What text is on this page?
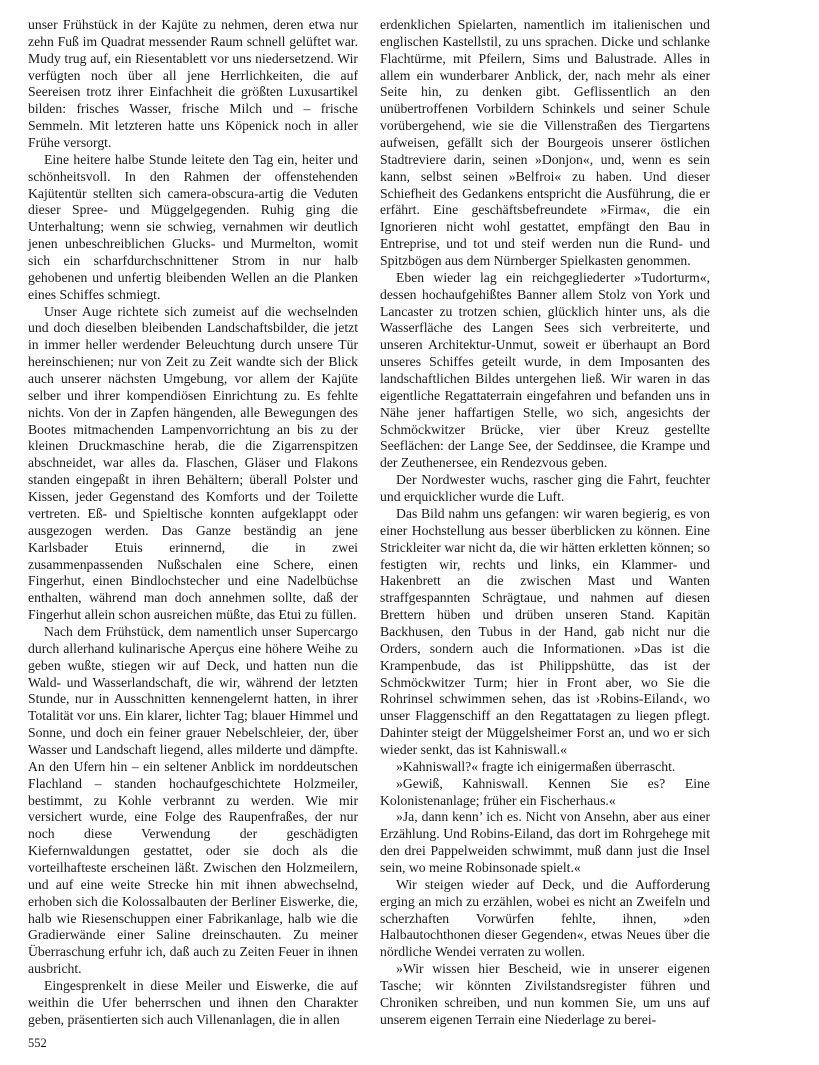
unser Frühstück in der Kajüte zu nehmen, deren etwa nur zehn Fuß im Quadrat messender Raum schnell gelüftet war. Mudy trug auf, ein Riesentablett vor uns niedersetzend. Wir verfügten noch über all jene Herrlichkeiten, die auf Seereisen trotz ihrer Einfachheit die größten Luxusartikel bilden: frisches Wasser, frische Milch und – frische Semmeln. Mit letzteren hatte uns Köpenick noch in aller Frühe versorgt.

Eine heitere halbe Stunde leitete den Tag ein, heiter und schönheitsvoll. In den Rahmen der offenstehenden Kajütentür stellten sich camera-obscura-artig die Veduten dieser Spree- und Müggelgegenden. Ruhig ging die Unterhaltung; wenn sie schwieg, vernahmen wir deutlich jenen unbeschreiblichen Glucks- und Murmelton, womit sich ein scharfdurchschnittener Strom in nur halb gehobenen und unfertig bleibenden Wellen an die Planken eines Schiffes schmiegt.

Unser Auge richtete sich zumeist auf die wechselnden und doch dieselben bleibenden Landschaftsbilder, die jetzt in immer heller werdender Beleuchtung durch unsere Tür hereinschienen; nur von Zeit zu Zeit wandte sich der Blick auch unserer nächsten Umgebung, vor allem der Kajüte selber und ihrer kompendiösen Einrichtung zu. Es fehlte nichts. Von der in Zapfen hängenden, alle Bewegungen des Bootes mitmachenden Lampenvorrichtung an bis zu der kleinen Druckmaschine herab, die die Zigarrenspitzen abschneidet, war alles da. Flaschen, Gläser und Flakons standen eingepaßt in ihren Behältern; überall Polster und Kissen, jeder Gegenstand des Komforts und der Toilette vertreten. Eß- und Spieltische konnten aufgeklappt oder ausgezogen werden. Das Ganze beständig an jene Karlsbader Etuis erinnernd, die in zwei zusammenpassenden Nußschalen eine Schere, einen Fingerhut, einen Bindlochstecher und eine Nadelbüchse enthalten, während man doch annehmen sollte, daß der Fingerhut allein schon ausreichen müßte, das Etui zu füllen.

Nach dem Frühstück, dem namentlich unser Supercargo durch allerhand kulinarische Aperçus eine höhere Weihe zu geben wußte, stiegen wir auf Deck, und hatten nun die Wald- und Wasserlandschaft, die wir, während der letzten Stunde, nur in Ausschnitten kennengelernt hatten, in ihrer Totalität vor uns. Ein klarer, lichter Tag; blauer Himmel und Sonne, und doch ein feiner grauer Nebelschleier, der, über Wasser und Landschaft liegend, alles milderte und dämpfte. An den Ufern hin – ein seltener Anblick im norddeutschen Flachland – standen hochaufgeschichtete Holzmeiler, bestimmt, zu Kohle verbrannt zu werden. Wie mir versichert wurde, eine Folge des Raupenfraßes, der nur noch diese Verwendung der geschädigten Kiefernwaldungen gestattet, oder sie doch als die vorteilhafteste erscheinen läßt. Zwischen den Holzmeilern, und auf eine weite Strecke hin mit ihnen abwechselnd, erhoben sich die Kolossalbauten der Berliner Eiswerke, die, halb wie Riesenschuppen einer Fabrikanlage, halb wie die Gradierwände einer Saline dreinschauten. Zu meiner Überraschung erfuhr ich, daß auch zu Zeiten Feuer in ihnen ausbricht.

Eingesprenkelt in diese Meiler und Eiswerke, die auf weithin die Ufer beherrschen und ihnen den Charakter geben, präsentierten sich auch Villenanlagen, die in allen

erdenklichen Spielarten, namentlich im italienischen und englischen Kastellstil, zu uns sprachen. Dicke und schlanke Flachtürme, mit Pfeilern, Sims und Balustrade. Alles in allem ein wunderbarer Anblick, der, nach mehr als einer Seite hin, zu denken gibt. Geflissentlich an den unübertroffenen Vorbildern Schinkels und seiner Schule vorübergehend, wie sie die Villenstraßen des Tiergartens aufweisen, gefällt sich der Bourgeois unserer östlichen Stadtreviere darin, seinen »Donjon«, und, wenn es sein kann, selbst seinen »Belfroi« zu haben. Und dieser Schiefheit des Gedankens entspricht die Ausführung, die er erfährt. Eine geschäftsbefreundete »Firma«, die ein Ignorieren nicht wohl gestattet, empfängt den Bau in Entreprise, und tot und steif werden nun die Rund- und Spitzbögen aus dem Nürnberger Spielkasten genommen.

Eben wieder lag ein reichgegliederter »Tudorturm«, dessen hochaufgehißtes Banner allem Stolz von York und Lancaster zu trotzen schien, glücklich hinter uns, als die Wasserfläche des Langen Sees sich verbreiterte, und unseren Architektur-Unmut, soweit er überhaupt an Bord unseres Schiffes geteilt wurde, in dem Imposanten des landschaftlichen Bildes untergehen ließ. Wir waren in das eigentliche Regattaterrain eingefahren und befanden uns in Nähe jener haffartigen Stelle, wo sich, angesichts der Schmöckwitzer Brücke, vier über Kreuz gestellte Seeflächen: der Lange See, der Seddinsee, die Krampe und der Zeuthenersee, ein Rendezvous geben.

Der Nordwester wuchs, rascher ging die Fahrt, feuchter und erquicklicher wurde die Luft.

Das Bild nahm uns gefangen: wir waren begierig, es von einer Hochstellung aus besser überblicken zu können. Eine Strickleiter war nicht da, die wir hätten erkletten können; so festigten wir, rechts und links, ein Klammer- und Hakenbrett an die zwischen Mast und Wanten straffgespannten Schrägtaue, und nahmen auf diesen Brettern hüben und drüben unseren Stand. Kapitän Backhusen, den Tubus in der Hand, gab nicht nur die Orders, sondern auch die Informationen. »Das ist die Krampenbude, das ist Philippshütte, das ist der Schmöckwitzer Turm; hier in Front aber, wo Sie die Rohrinsel schwimmen sehen, das ist ›Robins-Eiland‹, wo unser Flaggenschiff an den Regattatagen zu liegen pflegt. Dahinter steigt der Müggelsheimer Forst an, und wo er sich wieder senkt, das ist Kahniswall.«

»Kahniswall?« fragte ich einigermaßen überrascht.

»Gewiß, Kahniswall. Kennen Sie es? Eine Kolonistenanlage; früher ein Fischerhaus.«

»Ja, dann kenn’ ich es. Nicht von Ansehn, aber aus einer Erzählung. Und Robins-Eiland, das dort im Rohrgehege mit den drei Pappelweiden schwimmt, muß dann just die Insel sein, wo meine Robinsonade spielt.«

Wir steigen wieder auf Deck, und die Aufforderung erging an mich zu erzählen, wobei es nicht an Zweifeln und scherzhaften Vorwürfen fehlte, ihnen, »den Halbautochthonen dieser Gegenden«, etwas Neues über die nördliche Wendei verraten zu wollen.

»Wir wissen hier Bescheid, wie in unserer eigenen Tasche; wir könnten Zivilstandsregister führen und Chroniken schreiben, und nun kommen Sie, um uns auf unserem eigenen Terrain eine Niederlage zu berei-

552
